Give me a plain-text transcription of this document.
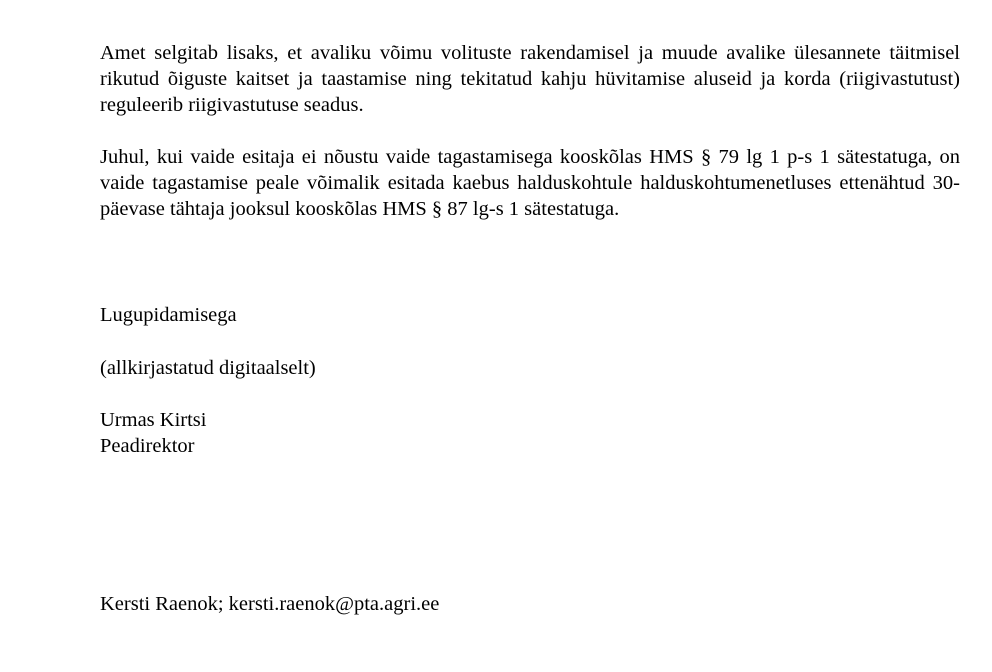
Amet selgitab lisaks, et avaliku võimu volituste rakendamisel ja muude avalike ülesannete täitmisel rikutud õiguste kaitset ja taastamise ning tekitatud kahju hüvitamise aluseid ja korda (riigivastutust) reguleerib riigivastutuse seadus.

Juhul, kui vaide esitaja ei nõustu vaide tagastamisega kooskõlas HMS § 79 lg 1 p-s 1 sätestatuga, on vaide tagastamise peale võimalik esitada kaebus halduskohtule halduskohtumenetluses ettenähtud 30-päevase tähtaja jooksul kooskõlas HMS § 87 lg-s 1 sätestatuga.

Lugupidamisega

(allkirjastatud digitaalselt)

Urmas Kirtsi

Peadirektor

Kersti Raenok; kersti.raenok@pta.agri.ee
